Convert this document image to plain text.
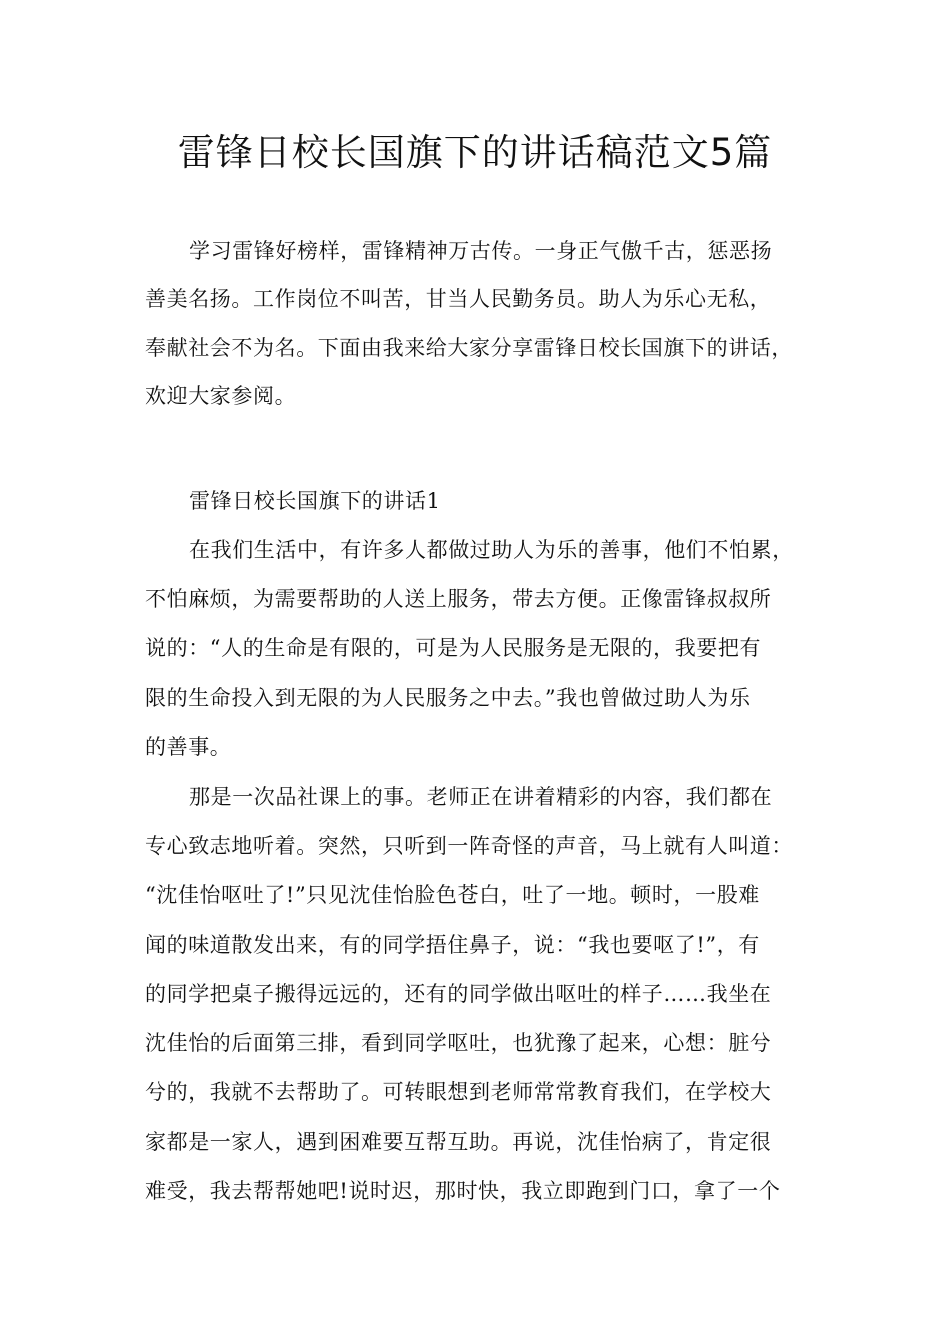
雷锋日校长国旗下的讲话稿范文5篇
学习雷锋好榜样，雷锋精神万古传。一身正气傲千古，惩恶扬
善美名扬。工作岗位不叫苦，甘当人民勤务员。助人为乐心无私，
奉献社会不为名。下面由我来给大家分享雷锋日校长国旗下的讲话，
欢迎大家参阅。
雷锋日校长国旗下的讲话1
在我们生活中，有许多人都做过助人为乐的善事，他们不怕累，
不怕麻烦，为需要帮助的人送上服务，带去方便。正像雷锋叔叔所
说的：“人的生命是有限的，可是为人民服务是无限的，我要把有
限的生命投入到无限的为人民服务之中去。”我也曾做过助人为乐
的善事。
那是一次品社课上的事。老师正在讲着精彩的内容，我们都在
专心致志地听着。突然，只听到一阵奇怪的声音，马上就有人叫道：
“沈佳怡呕吐了!”只见沈佳怡脸色苍白，吐了一地。顿时，一股难
闻的味道散发出来，有的同学捂住鼻子，说：“我也要呕了!”，有
的同学把桌子搬得远远的，还有的同学做出呕吐的样子……我坐在
沈佳怡的后面第三排，看到同学呕吐，也犹豫了起来，心想：脏兮
兮的，我就不去帮助了。可转眼想到老师常常教育我们，在学校大
家都是一家人，遇到困难要互帮互助。再说，沈佳怡病了，肯定很
难受，我去帮帮她吧!说时迟，那时快，我立即跑到门口，拿了一个
